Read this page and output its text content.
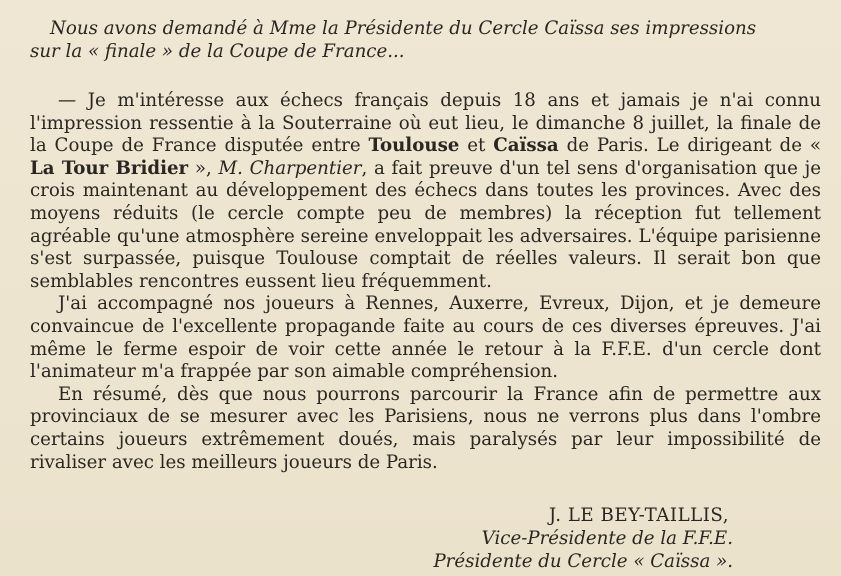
Nous avons demandé à Mme la Présidente du Cercle Caïssa ses impressions
sur la « finale » de la Coupe de France...

— Je m'intéresse aux échecs français depuis 18 ans et jamais je n'ai connu l'impression ressentie à la Souterraine où eut lieu, le dimanche 8 juillet, la finale de la Coupe de France disputée entre Toulouse et Caïssa de Paris. Le dirigeant de « La Tour Bridier », M. Charpentier, a fait preuve d'un tel sens d'organisation que je crois maintenant au développement des échecs dans toutes les provinces. Avec des moyens réduits (le cercle compte peu de membres) la réception fut tellement agréable qu'une atmosphère sereine enveloppait les adversaires. L'équipe parisienne s'est surpassée, puisque Toulouse comptait de réelles valeurs. Il serait bon que semblables rencontres eussent lieu fréquemment.

J'ai accompagné nos joueurs à Rennes, Auxerre, Evreux, Dijon, et je demeure convaincue de l'excellente propagande faite au cours de ces diverses épreuves. J'ai même le ferme espoir de voir cette année le retour à la F.F.E. d'un cercle dont l'animateur m'a frappée par son aimable compréhension.

En résumé, dès que nous pourrons parcourir la France afin de permettre aux provinciaux de se mesurer avec les Parisiens, nous ne verrons plus dans l'ombre certains joueurs extrêmement doués, mais paralysés par leur impossibilité de rivaliser avec les meilleurs joueurs de Paris.

J. LE BEY-TAILLIS,
Vice-Présidente de la F.F.E.
Présidente du Cercle « Caïssa ».
